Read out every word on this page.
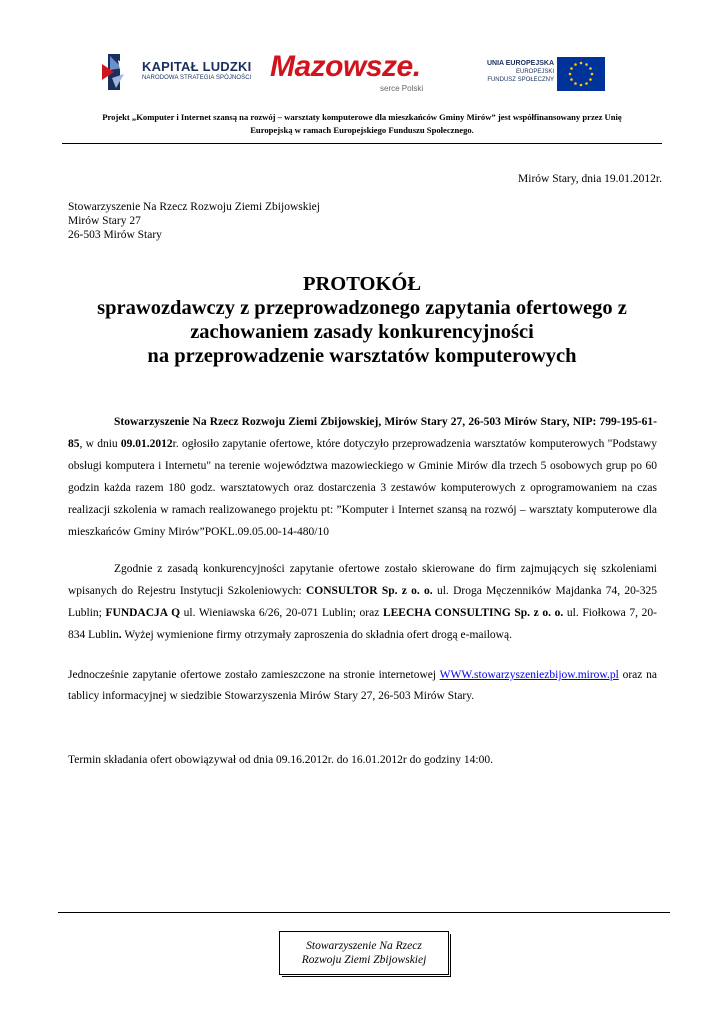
KAPITAŁ LUDZKI
NARODOWA STRATEGIA SPÓJNOŚCI Mazowsze.
serce Polski
UNIA EUROPEJSKA
EUROPEJSKI
FUNDUSZ SPOŁECZNY
Projekt „Komputer i Internet szansą na rozwój – warsztaty komputerowe dla mieszkańców Gminy Mirów” jest współfinansowany przez Unię
Europejską w ramach Europejskiego Funduszu Społecznego.
Mirów Stary, dnia 19.01.2012r.
Stowarzyszenie Na Rzecz Rozwoju Ziemi Zbijowskiej
Mirów Stary 27
26-503 Mirów Stary
PROTOKÓŁ
sprawozdawczy z przeprowadzonego zapytania ofertowego z
zachowaniem zasady konkurencyjności
na przeprowadzenie warsztatów komputerowych
Stowarzyszenie Na Rzecz Rozwoju Ziemi Zbijowskiej, Mirów Stary 27, 26-503 Mirów Stary, NIP: 799-195-61-85, w dniu 09.01.2012r. ogłosiło zapytanie ofertowe, które dotyczyło przeprowadzenia warsztatów komputerowych "Podstawy obsługi komputera i Internetu" na terenie województwa mazowieckiego w Gminie Mirów dla trzech 5 osobowych grup po 60 godzin każda razem 180 godz. warsztatowych oraz dostarczenia 3 zestawów komputerowych z oprogramowaniem na czas realizacji szkolenia w ramach realizowanego projektu pt: ”Komputer i Internet szansą na rozwój – warsztaty komputerowe dla mieszkańców Gminy Mirów”POKL.09.05.00-14-480/10
Zgodnie z zasadą konkurencyjności zapytanie ofertowe zostało skierowane do firm zajmujących się szkoleniami wpisanych do Rejestru Instytucji Szkoleniowych: CONSULTOR Sp. z o. o. ul. Droga Męczenników Majdanka 74, 20-325 Lublin; FUNDACJA Q ul. Wieniawska 6/26, 20-071 Lublin; oraz LEECHA CONSULTING Sp. z o. o. ul. Fiołkowa 7, 20-834 Lublin. Wyżej wymienione firmy otrzymały zaproszenia do składnia ofert drogą e-mailową.
Jednocześnie zapytanie ofertowe zostało zamieszczone na stronie internetowej WWW.stowarzyszeniezbijow.mirow.pl oraz na tablicy informacyjnej w siedzibie Stowarzyszenia Mirów Stary 27, 26-503 Mirów Stary.
Termin składania ofert obowiązywał od dnia 09.16.2012r. do 16.01.2012r do godziny 14:00.
Stowarzyszenie Na Rzecz
Rozwoju Ziemi Zbijowskiej
